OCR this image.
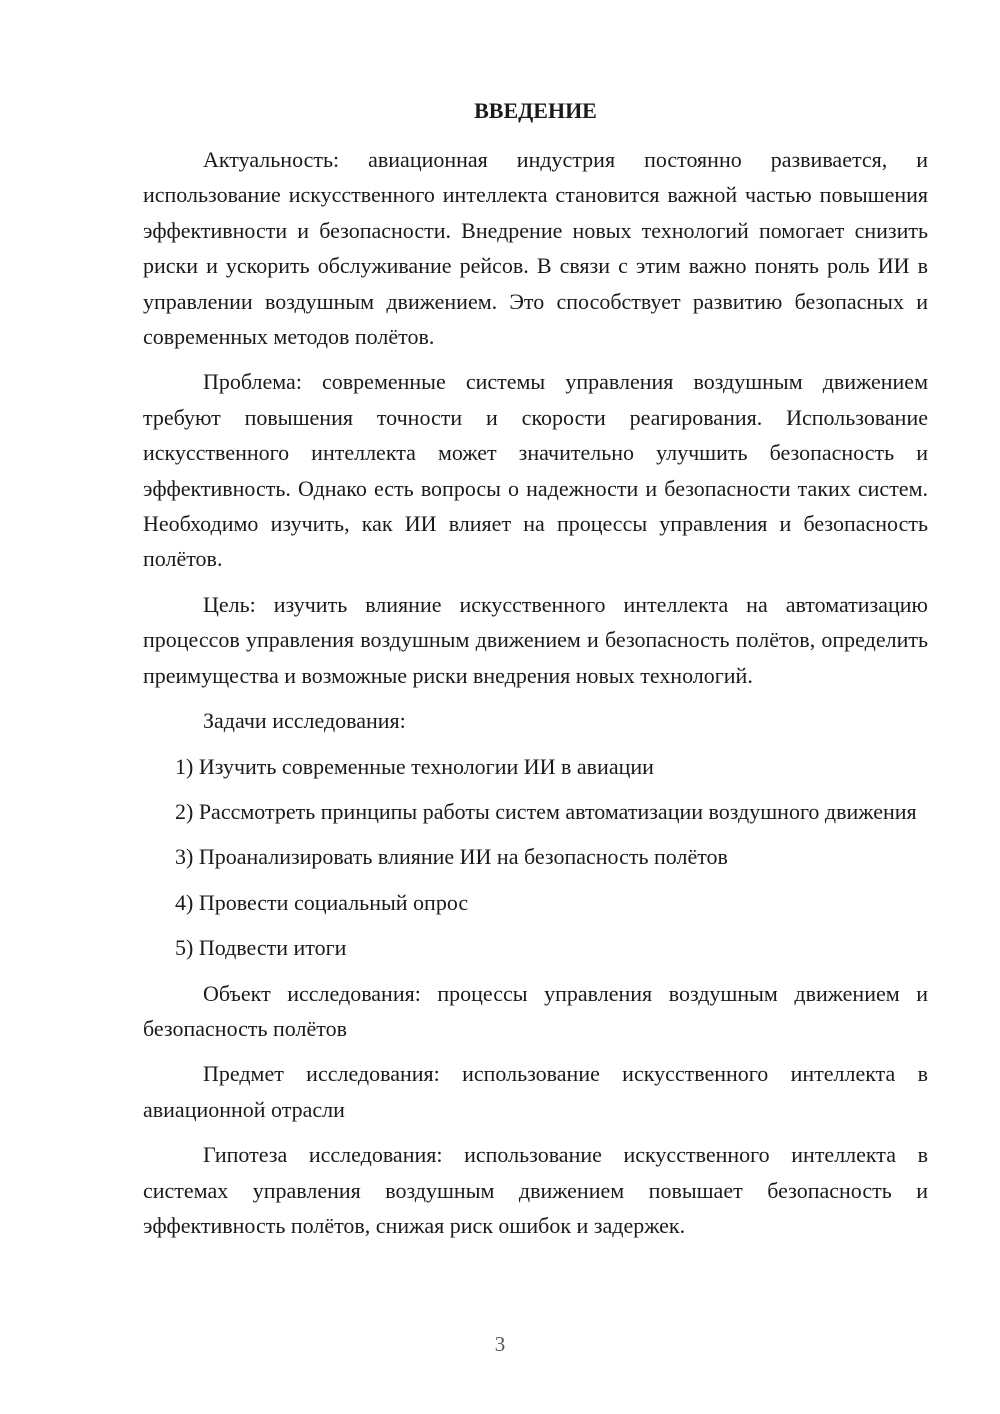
ВВЕДЕНИЕ

Актуальность: авиационная индустрия постоянно развивается, и использование искусственного интеллекта становится важной частью повышения эффективности и безопасности. Внедрение новых технологий помогает снизить риски и ускорить обслуживание рейсов. В связи с этим важно понять роль ИИ в управлении воздушным движением. Это способствует развитию безопасных и современных методов полётов.

Проблема: современные системы управления воздушным движением требуют повышения точности и скорости реагирования. Использование искусственного интеллекта может значительно улучшить безопасность и эффективность. Однако есть вопросы о надежности и безопасности таких систем. Необходимо изучить, как ИИ влияет на процессы управления и безопасность полётов.

Цель: изучить влияние искусственного интеллекта на автоматизацию процессов управления воздушным движением и безопасность полётов, определить преимущества и возможные риски внедрения новых технологий.

Задачи исследования:

1) Изучить современные технологии ИИ в авиации

2) Рассмотреть принципы работы систем автоматизации воздушного движения

3) Проанализировать влияние ИИ на безопасность полётов

4) Провести социальный опрос

5) Подвести итоги

Объект исследования: процессы управления воздушным движением и безопасность полётов

Предмет исследования: использование искусственного интеллекта в авиационной отрасли

Гипотеза исследования: использование искусственного интеллекта в системах управления воздушным движением повышает безопасность и эффективность полётов, снижая риск ошибок и задержек.

3
